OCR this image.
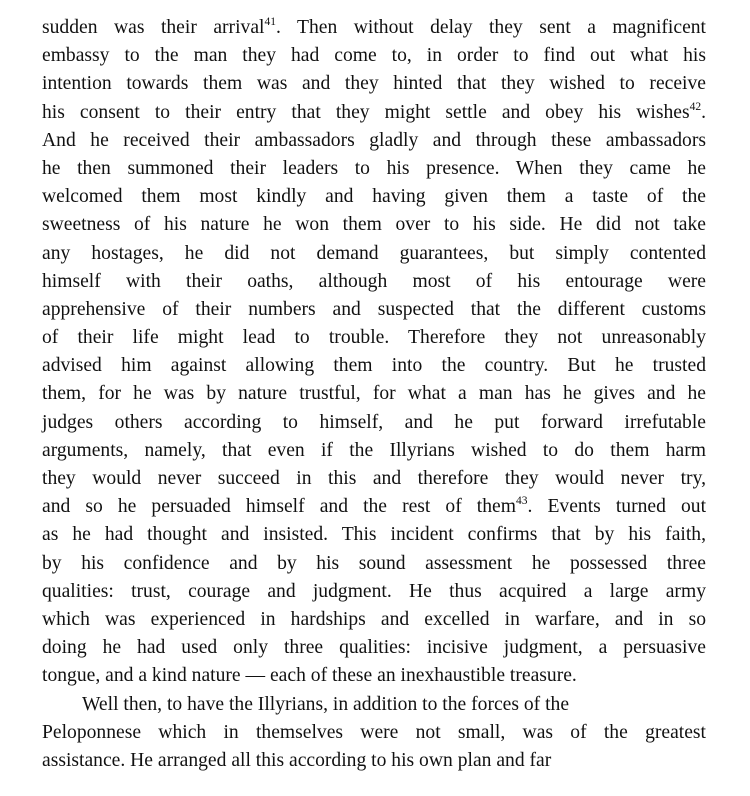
sudden was their arrival$^{41}$. Then without delay they sent a magnificent
embassy to the man they had come to, in order to find out what his
intention towards them was and they hinted that they wished to receive
his consent to their entry that they might settle and obey his wishes$^{42}$.
And he received their ambassadors gladly and through these ambassadors
he then summoned their leaders to his presence. When they came he
welcomed them most kindly and having given them a taste of the
sweetness of his nature he won them over to his side. He did not take
any hostages, he did not demand guarantees, but simply contented
himself with their oaths, although most of his entourage were
apprehensive of their numbers and suspected that the different customs
of their life might lead to trouble. Therefore they not unreasonably
advised him against allowing them into the country. But he trusted
them, for he was by nature trustful, for what a man has he gives and he
judges others according to himself, and he put forward irrefutable
arguments, namely, that even if the Illyrians wished to do them harm
they would never succeed in this and therefore they would never try,
and so he persuaded himself and the rest of them$^{43}$. Events turned out
as he had thought and insisted. This incident confirms that by his faith,
by his confidence and by his sound assessment he possessed three
qualities: trust, courage and judgment. He thus acquired a large army
which was experienced in hardships and excelled in warfare, and in so
doing he had used only three qualities: incisive judgment, a persuasive
tongue, and a kind nature — each of these an inexhaustible treasure.
Well then, to have the Illyrians, in addition to the forces of the
Peloponnese which in themselves were not small, was of the greatest
assistance. He arranged all this according to his own plan and far
